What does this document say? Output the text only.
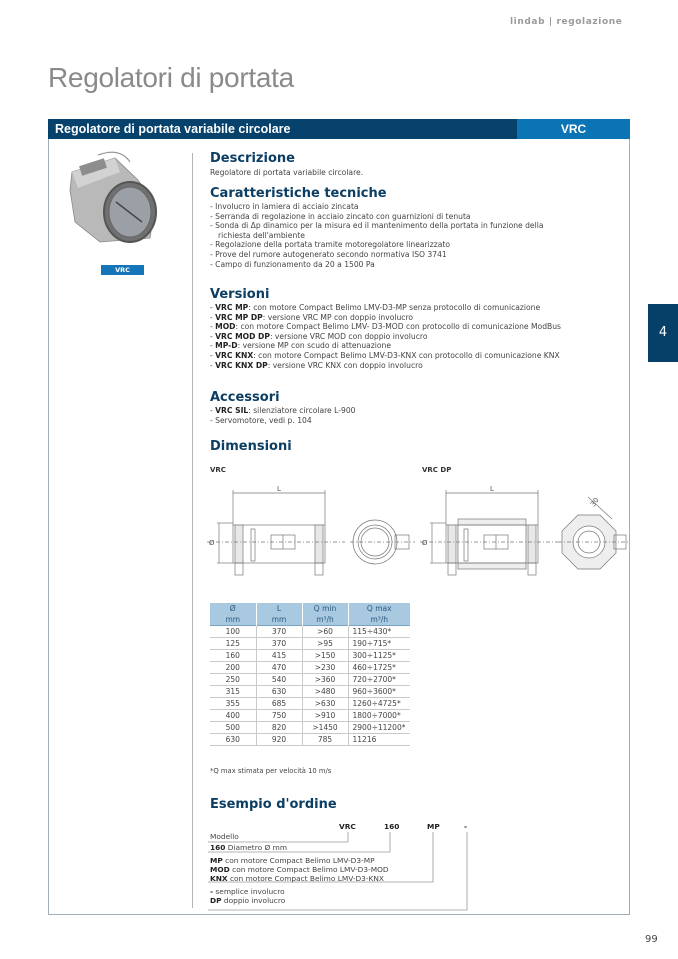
lindab | regolazione
Regolatori di portata
Regolatore di portata variabile circolare	VRC
VRC
Descrizione
Regolatore di portata variabile circolare.
Caratteristiche tecniche
- Involucro in lamiera di acciaio zincata
- Serranda di regolazione in acciaio zincato con guarnizioni di tenuta
- Sonda di Δp dinamico per la misura ed il mantenimento della portata in funzione della
richiesta dell'ambiente
- Regolazione della portata tramite motoregolatore linearizzato
- Prove del rumore autogenerato secondo normativa ISO 3741
- Campo di funzionamento da 20 a 1500 Pa
Versioni
- VRC MP: con motore Compact Belimo LMV-D3-MP senza protocollo di comunicazione
- VRC MP DP: versione VRC MP con doppio involucro
- MOD: con motore Compact Belimo LMV- D3-MOD con protocollo di comunicazione ModBus
- VRC MOD DP: versione VRC MOD con doppio involucro
- MP-D: versione MP con scudo di attenuazione
- VRC KNX: con motore Compact Belimo LMV-D3-KNX con protocollo di comunicazione KNX
- VRC KNX DP: versione VRC KNX con doppio involucro
Accessori
- VRC SIL: silenziatore circolare L-900
- Servomotore, vedi p. 104
Dimensioni
VRC	VRC DP
L
Ø
L
Ø
30
Ø	L	Q min	Q max
mm	mm	m³/h	m³/h
100	370	>60	115÷430*
125	370	>95	190÷715*
160	415	>150	300÷1125*
200	470	>230	460÷1725*
250	540	>360	720÷2700*
315	630	>480	960÷3600*
355	685	>630	1260÷4725*
400	750	>910	1800÷7000*
500	820	>1450	2900÷11200*
630	920	785	11216
*Q max stimata per velocità 10 m/s
Esempio d'ordine
VRC	160	MP	-
Modello
160 Diametro Ø mm
MP con motore Compact Belimo LMV-D3-MP
MOD con motore Compact Belimo LMV-D3-MOD
KNX con motore Compact Belimo LMV-D3-KNX
- semplice involucro
DP doppio involucro
4
99
